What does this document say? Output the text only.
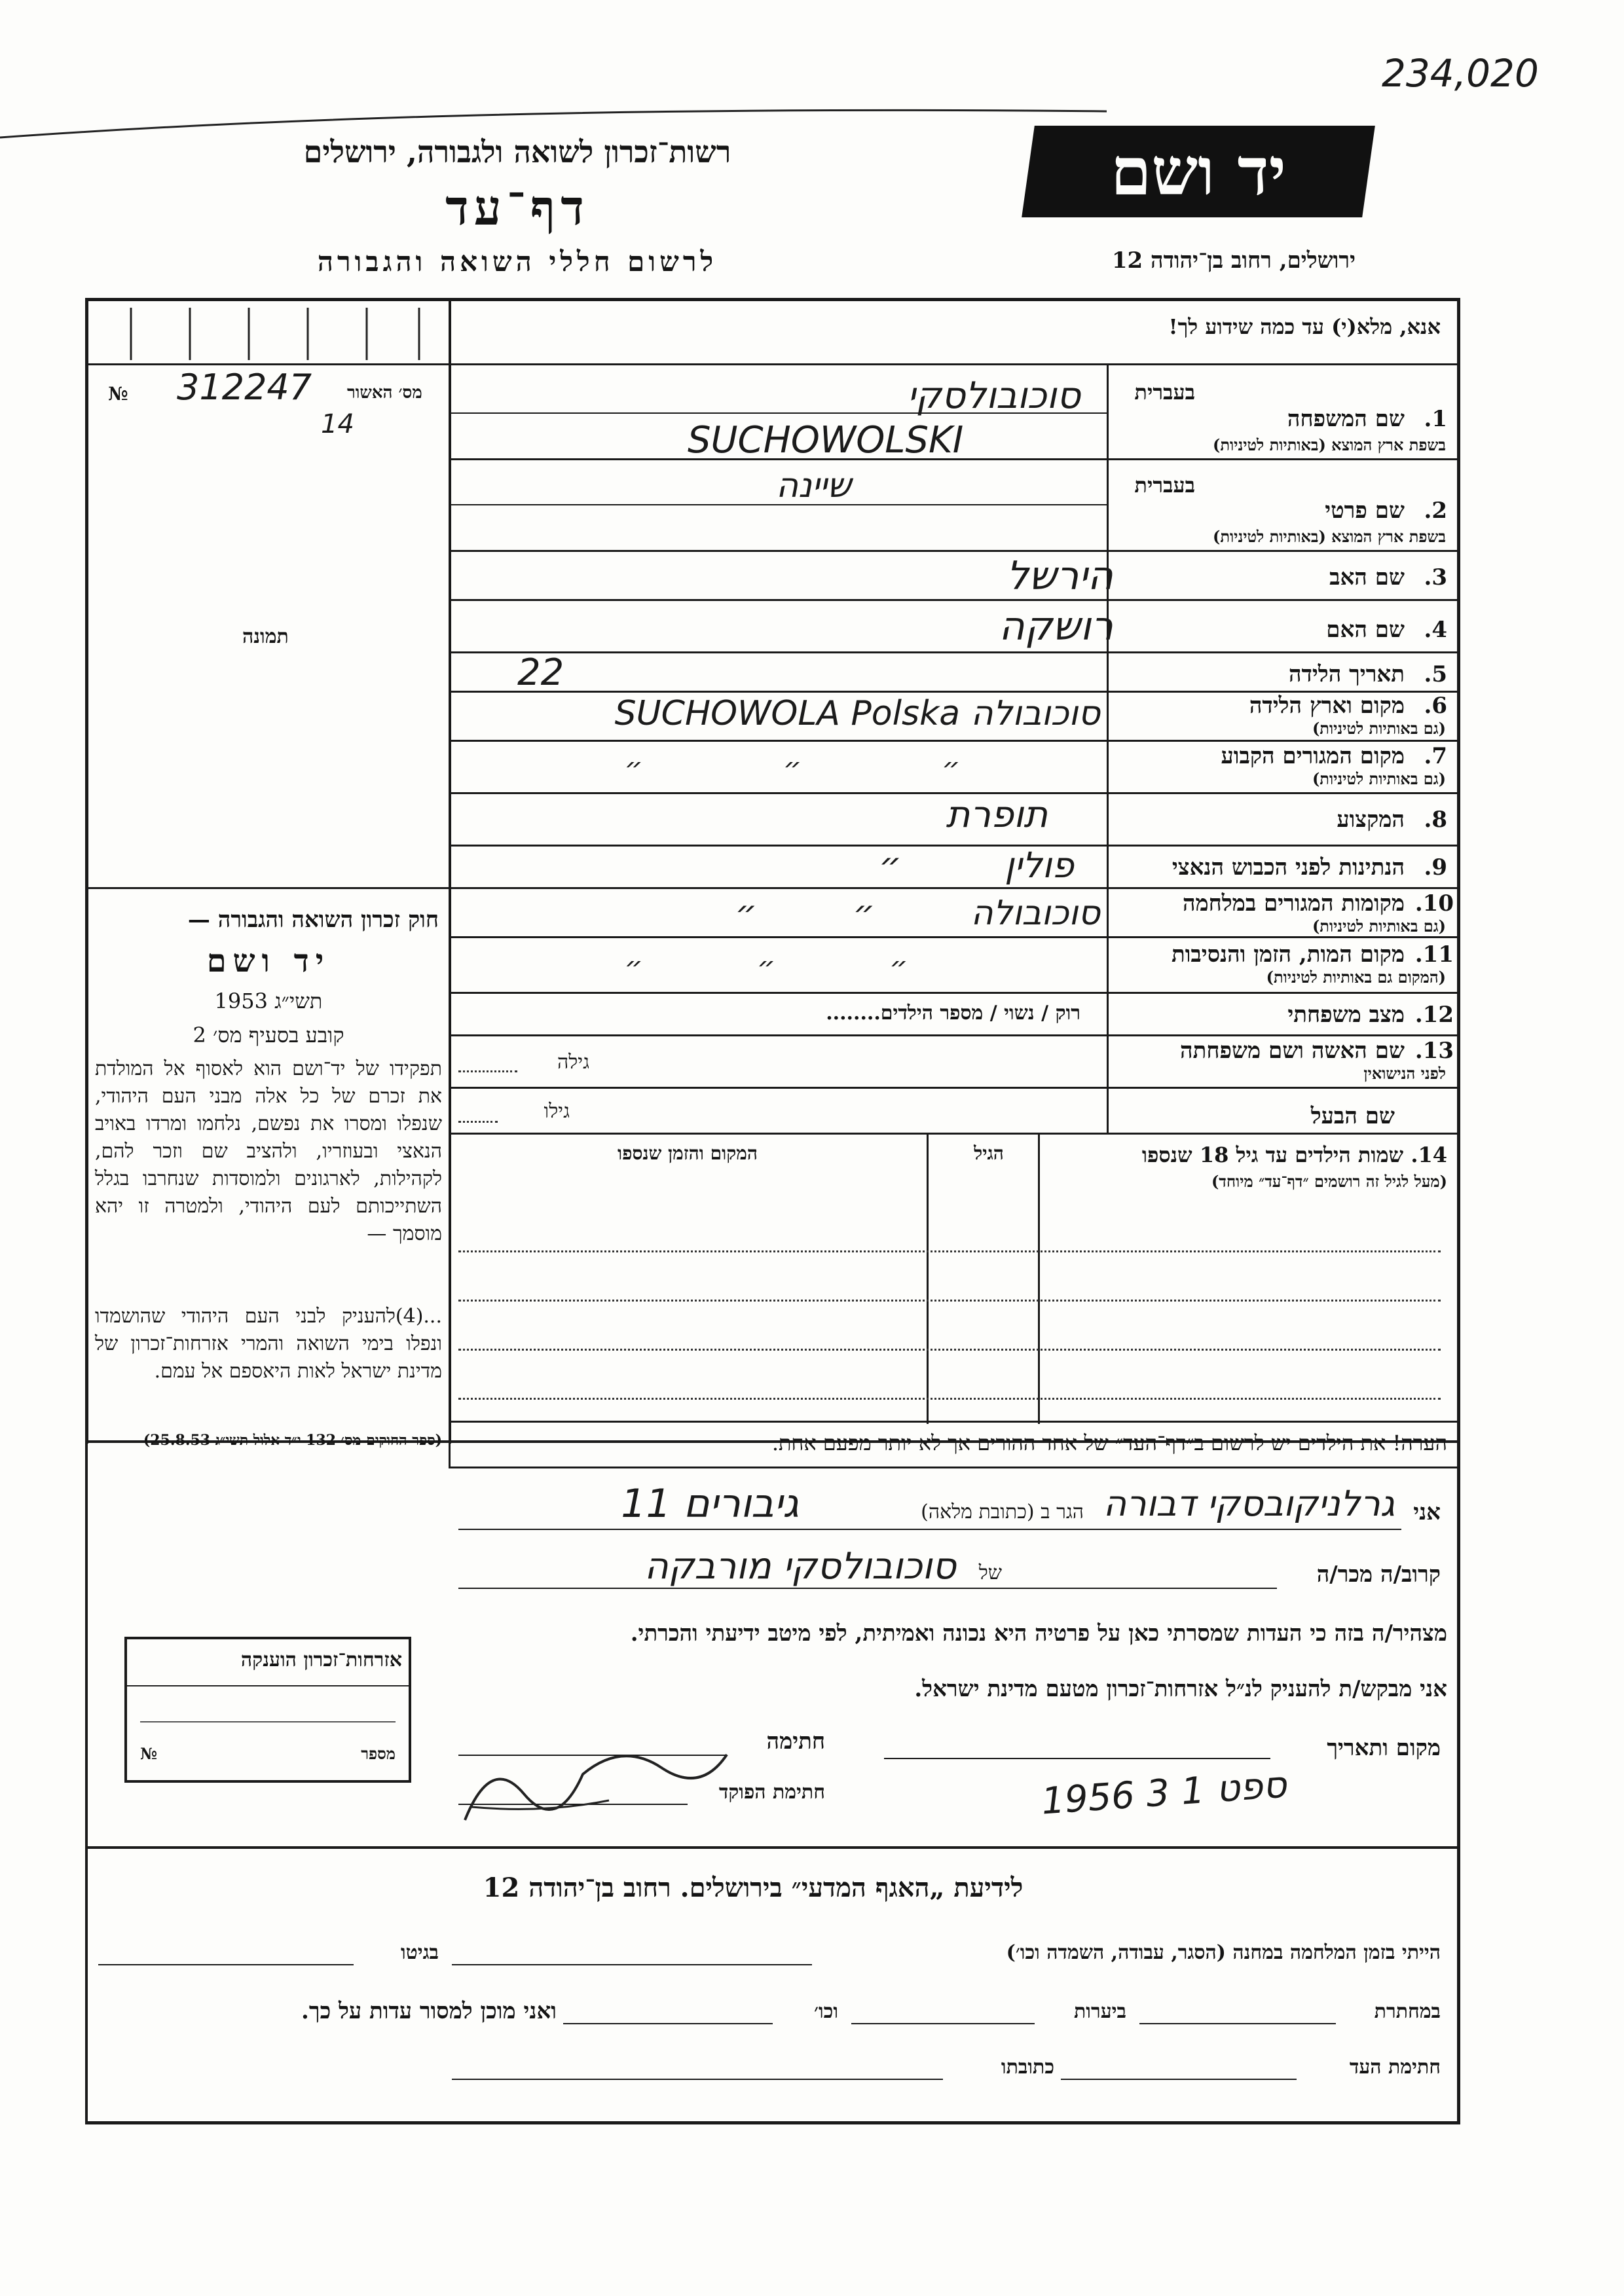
234,020
רשות־זכרון לשואה ולגבורה, ירושלים
דף־עד
לרשום חללי השואה והגבורה
יד ושם
ירושלים, רחוב בן־יהודה 12
אנא, מלא(י) עד כמה שידוע לך!
מס׳ האשור
312247
№
14
תמונה
חוק זכרון השואה והגבורה —
יד ושם
תשי״ג 1953
קובע בסעיף מס׳ 2
תפקידו של יד־ושם הוא לאסוף אל המולדת את זכרם של כל אלה מבני העם היהודי, שנפלו ומסרו את נפשם, נלחמו ומרדו באויב הנאצי ובעוזריו, ולהציב שם וזכר להם, לקהילות, לארגונים ולמוסדות שנחרבו בגלל השתייכותם לעם היהודי, ולמטרה זו יהא מוסמך —
...(4)להעניק לבני העם היהודי שהושמדו ונפלו בימי השואה והמרי אזרחות־זכרון של מדינת ישראל לאות היאספם אל עמם.
(ספר החוקים מס׳ 132 י״ד אלול תשי״ג 25.8.53)
בעברית
1.
שם המשפחה
בשפת ארץ המוצא (באותיות לטיניות)
סוכובולסקי
SUCHOWOLSKI
בעברית
2.
שם פרטי
בשפת ארץ המוצא (באותיות לטיניות)
שיינה
3.
שם האב
הירשל
4.
שם האם
רושקה
5.
תאריך הלידה
22
6.
מקום וארץ הלידה
(גם באותיות לטיניות)
סוכובולה SUCHOWOLA Polska
7.
מקום המגורים הקבוע
(גם באותיות לטיניות)
״ ״ ״
8.
המקצוע
תופרת
9.
הנתינות לפני הכבוש הנאצי
פולין ״
10.
מקומות המגורים במלחמה
(גם באותיות לטיניות)
סוכובולה ״ ״
11.
מקום המות, הזמן והנסיבות
(המקום גם באותיות לטיניות)
״ ״ ״
12.
מצב משפחתי
רוק / נשוי / מספר הילדים........
13.
שם האשה ושם משפחתה
לפני הנישואין
גילה
שם הבעל
גילו
14. שמות הילדים עד גיל 18 שנספו
(מעל לגיל זה רושמים ״דף־עד״ מיוחד)
הגיל
המקום והזמן שנספו
הערה! את הילדים יש לרשום ב״דף־העד״ של אחד ההורים אך לא יותר מפעם אחת.
אני
גרלניקובסקי דבורה
הגר ב (כתובת מלאה)
גיבורים 11
קרוב/ה מכר/ה
של
סוכובולסקי מורבקה
מצהיר/ה בזה כי העדות שמסרתי כאן על פרטיה היא נכונה ואמיתית, לפי מיטב ידיעתי והכרתי.
אני מבקש/ת להעניק לנ״ל אזרחות־זכרון מטעם מדינת ישראל.
מקום ותאריך
חתימה
חתימת הפוקד	1956 ספט 1 3
אזרחות־זכרון הוענקה
מספר
№
לידיעת „האגף המדעי״ בירושלים. רחוב בן־יהודה 12
הייתי בזמן המלחמה במחנה (הסגר, עבודה, השמדה וכו׳)
בגיטו
במחתרת
ביערות
וכו׳
ואני מוכן למסור עדות על כך.
חתימת העד
כתובתו
